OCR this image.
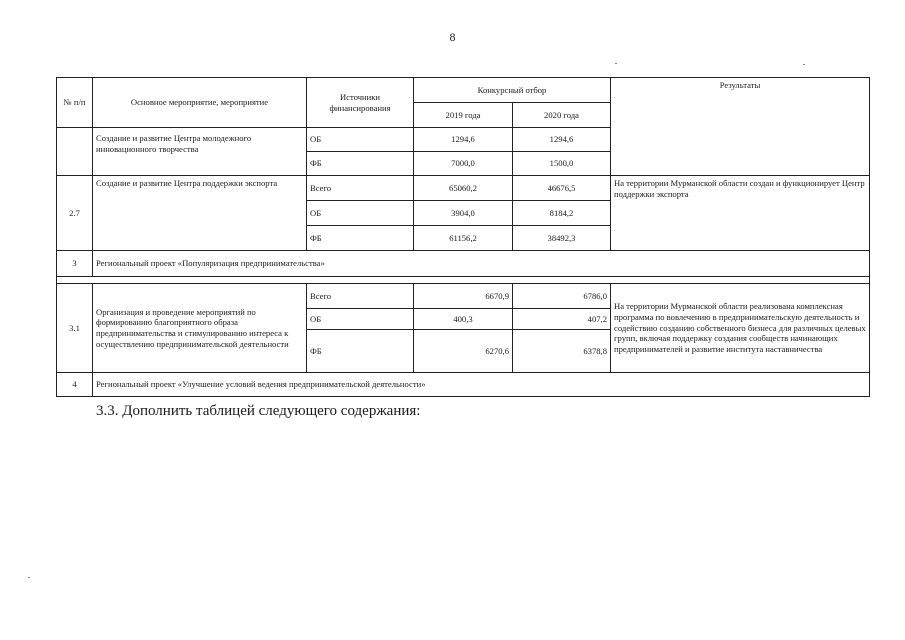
8
№ п/п	Основное мероприятие, мероприятие	Источники финансирования	Конкурсный отбор		Результаты
			2019 года	2020 года	
	Создание и развитие Центра молодежного инновационного творчества	ОБ	1294,6	1294,6	
		ФБ	7000,0	1500,0	
2.7	Создание и развитие Центра поддержки экспорта	Всего	65060,2	46676,5	На территории Мурманской области создан и функционирует Центр поддержки экспорта
		ОБ	3904,0	8184,2	
		ФБ	61156,2	38492,3	
3	Региональный проект «Популяризация предпринимательства»				

3.1	Организация и проведение мероприятий по формированию благоприятного образа предпринимательства и стимулированию интереса к осуществлению предпринимательской деятельности	Всего	6670,9	6786,0	На территории Мурманской области реализована комплексная программа по вовлечению в предпринимательскую деятельность и содействию созданию собственного бизнеса для различных целевых групп, включая поддержку создания сообществ начинающих предпринимателей и развитие института наставничества
		ОБ	400,3	407,2	
		ФБ	6270,6	6378,8	
4	Региональный проект «Улучшение условий ведения предпринимательской деятельности»				
3.3. Дополнить таблицей следующего содержания:
